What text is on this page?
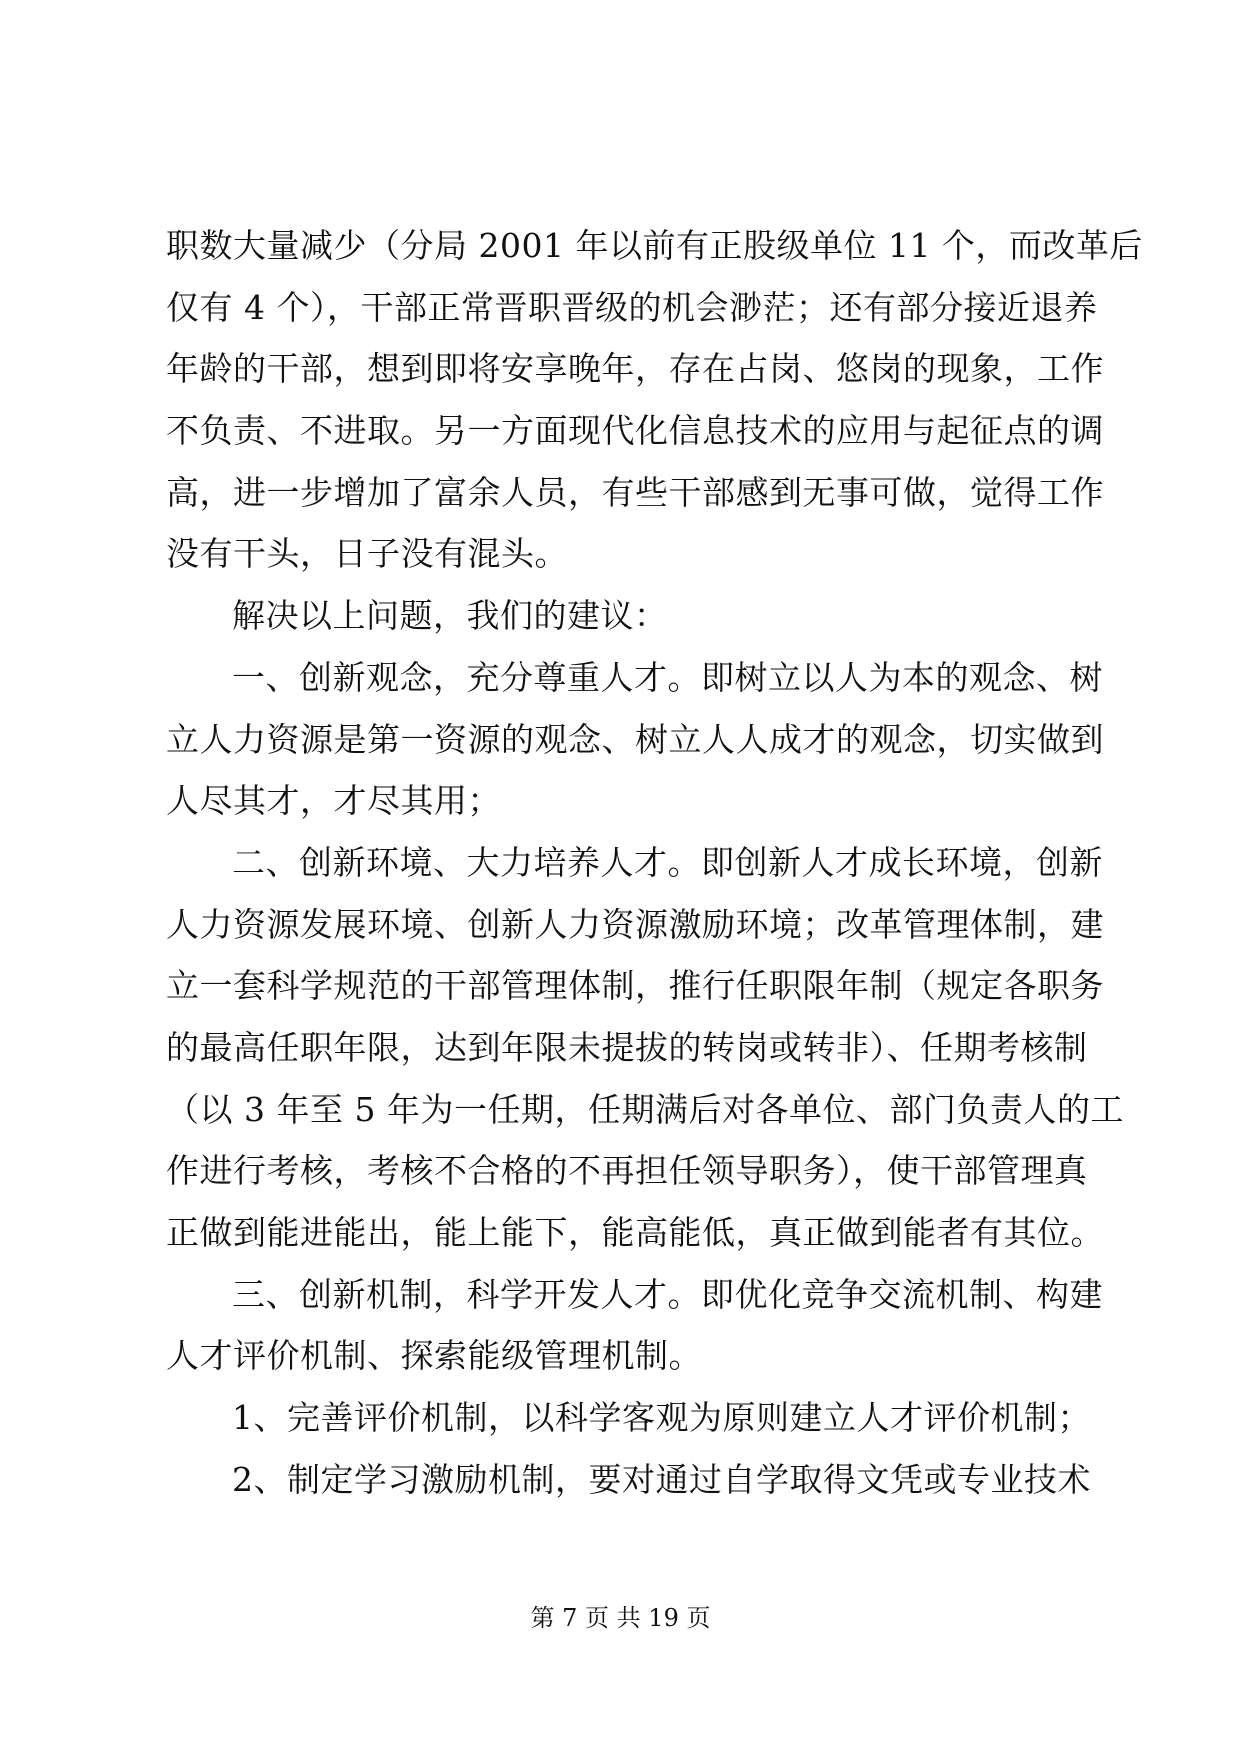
职数大量减少（分局 2001 年以前有正股级单位 11 个，而改革后
仅有 4 个），干部正常晋职晋级的机会渺茫；还有部分接近退养
年龄的干部，想到即将安享晚年，存在占岗、悠岗的现象，工作
不负责、不进取。另一方面现代化信息技术的应用与起征点的调
高，进一步增加了富余人员，有些干部感到无事可做，觉得工作
没有干头，日子没有混头。
解决以上问题，我们的建议：
一、创新观念，充分尊重人才。即树立以人为本的观念、树
立人力资源是第一资源的观念、树立人人成才的观念，切实做到
人尽其才，才尽其用；
二、创新环境、大力培养人才。即创新人才成长环境，创新
人力资源发展环境、创新人力资源激励环境；改革管理体制，建
立一套科学规范的干部管理体制，推行任职限年制（规定各职务
的最高任职年限，达到年限未提拔的转岗或转非）、任期考核制
（以 3 年至 5 年为一任期，任期满后对各单位、部门负责人的工
作进行考核，考核不合格的不再担任领导职务），使干部管理真
正做到能进能出，能上能下，能高能低，真正做到能者有其位。
三、创新机制，科学开发人才。即优化竞争交流机制、构建
人才评价机制、探索能级管理机制。
1、完善评价机制，以科学客观为原则建立人才评价机制；
2、制定学习激励机制，要对通过自学取得文凭或专业技术
第 7 页 共 19 页
